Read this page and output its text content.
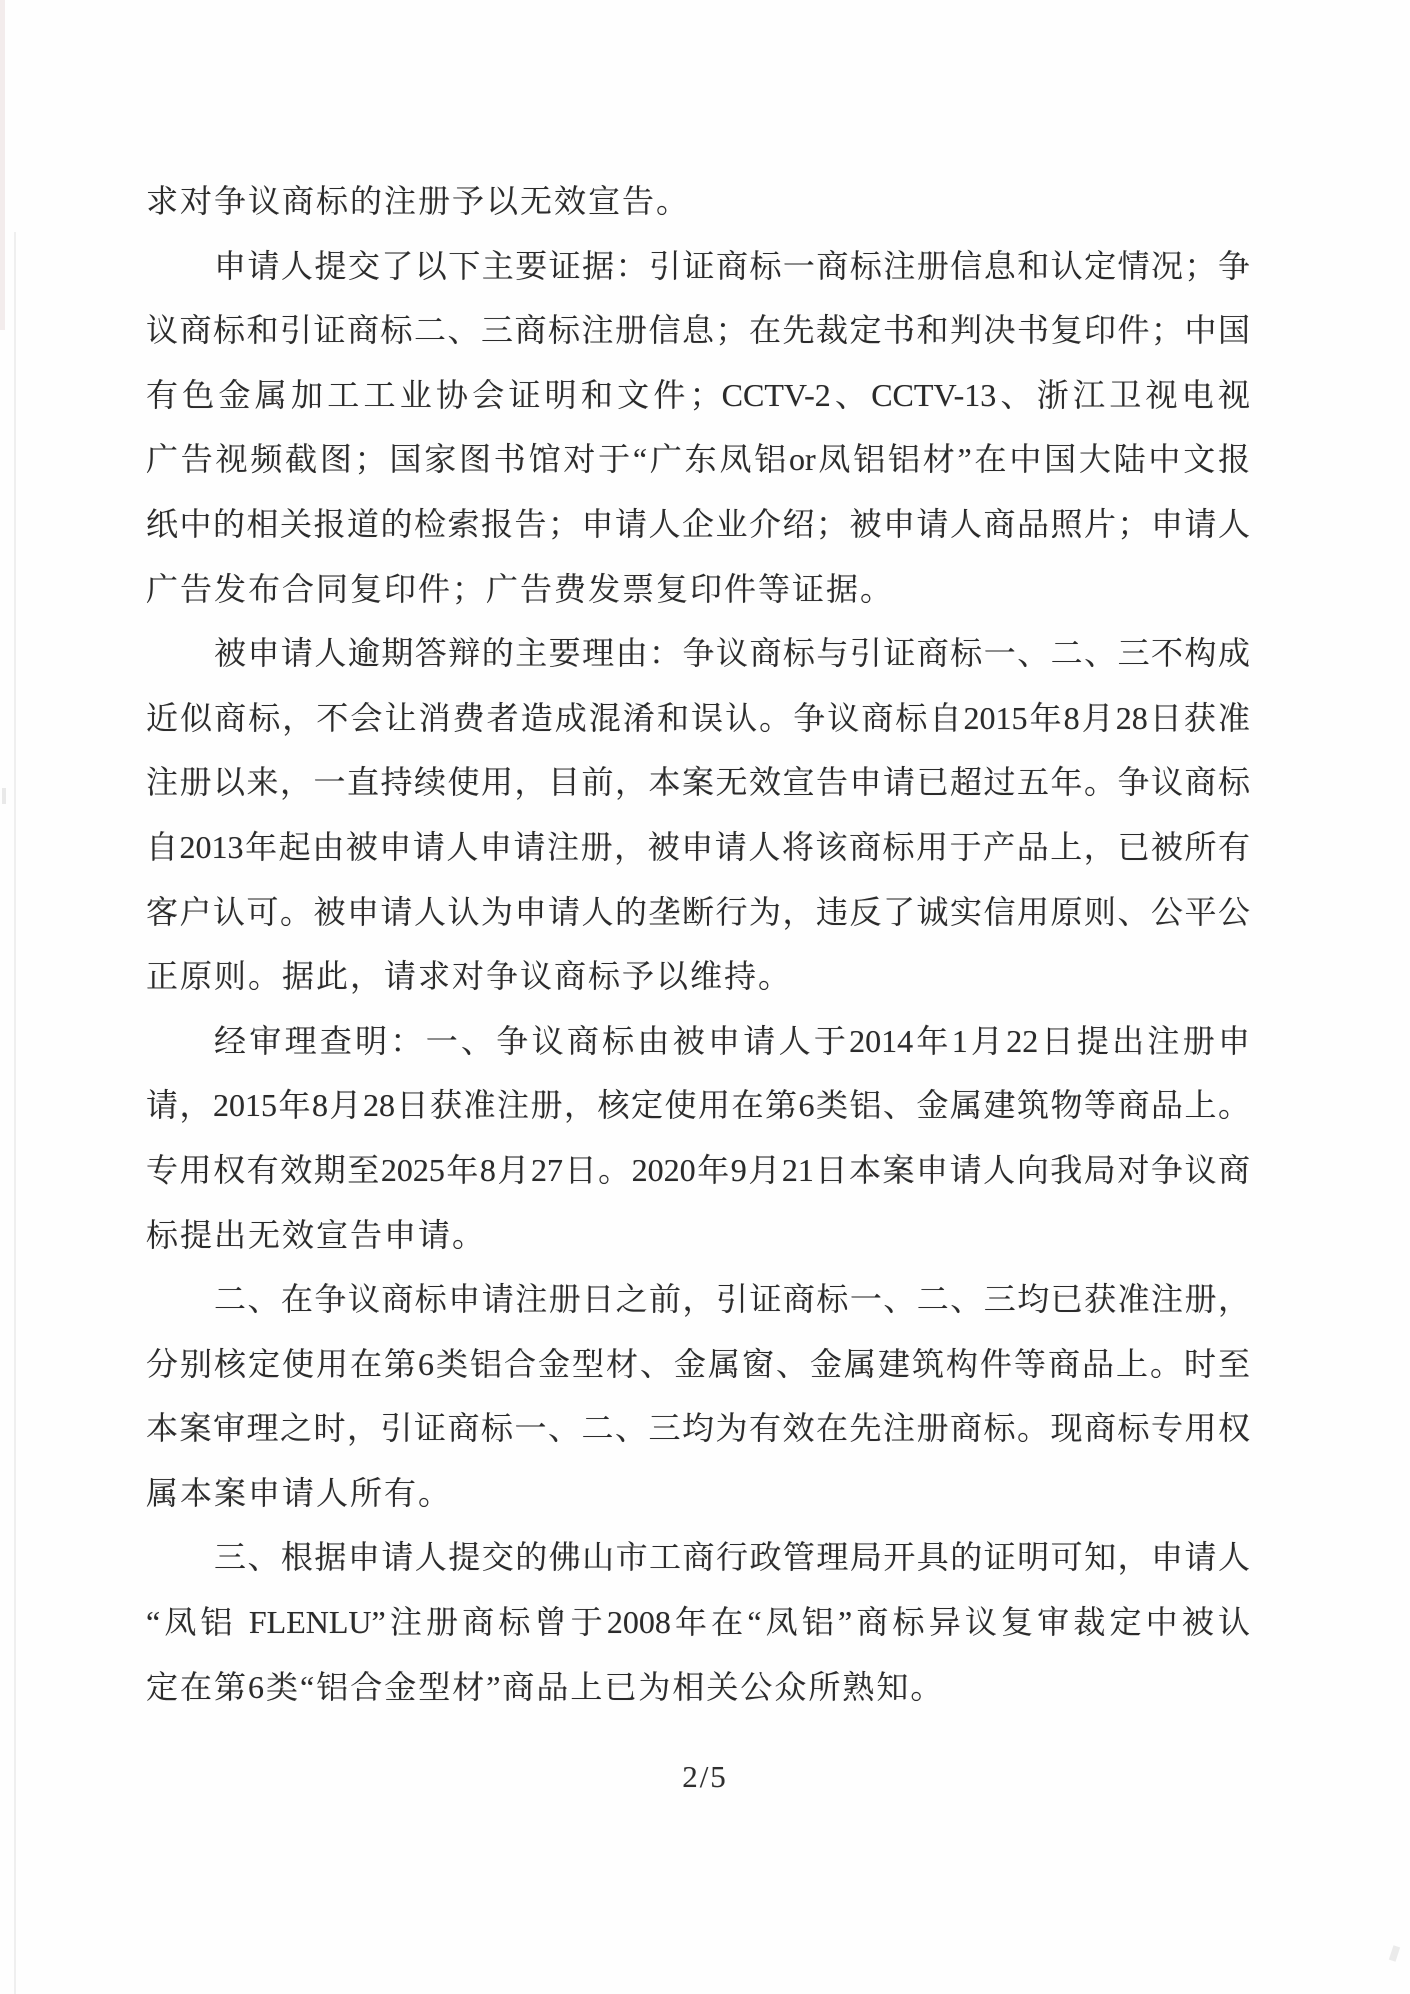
求对争议商标的注册予以无效宣告。
申请人提交了以下主要证据：引证商标一商标注册信息和认定情况；争
议商标和引证商标二、三商标注册信息；在先裁定书和判决书复印件；中国
有色金属加工工业协会证明和文件；CCTV-2、CCTV-13、浙江卫视电视
广告视频截图；国家图书馆对于“广东凤铝or凤铝铝材”在中国大陆中文报
纸中的相关报道的检索报告；申请人企业介绍；被申请人商品照片；申请人
广告发布合同复印件；广告费发票复印件等证据。
被申请人逾期答辩的主要理由：争议商标与引证商标一、二、三不构成
近似商标，不会让消费者造成混淆和误认。争议商标自2015年8月28日获准
注册以来，一直持续使用，目前，本案无效宣告申请已超过五年。争议商标
自2013年起由被申请人申请注册，被申请人将该商标用于产品上，已被所有
客户认可。被申请人认为申请人的垄断行为，违反了诚实信用原则、公平公
正原则。据此，请求对争议商标予以维持。
经审理查明：一、争议商标由被申请人于2014年1月22日提出注册申
请，2015年8月28日获准注册，核定使用在第6类铝、金属建筑物等商品上。
专用权有效期至2025年8月27日。2020年9月21日本案申请人向我局对争议商
标提出无效宣告申请。
二、在争议商标申请注册日之前，引证商标一、二、三均已获准注册，
分别核定使用在第6类铝合金型材、金属窗、金属建筑构件等商品上。时至
本案审理之时，引证商标一、二、三均为有效在先注册商标。现商标专用权
属本案申请人所有。
三、根据申请人提交的佛山市工商行政管理局开具的证明可知，申请人
“凤铝 FLENLU”注册商标曾于2008年在“凤铝”商标异议复审裁定中被认
定在第6类“铝合金型材”商品上已为相关公众所熟知。
2/5
